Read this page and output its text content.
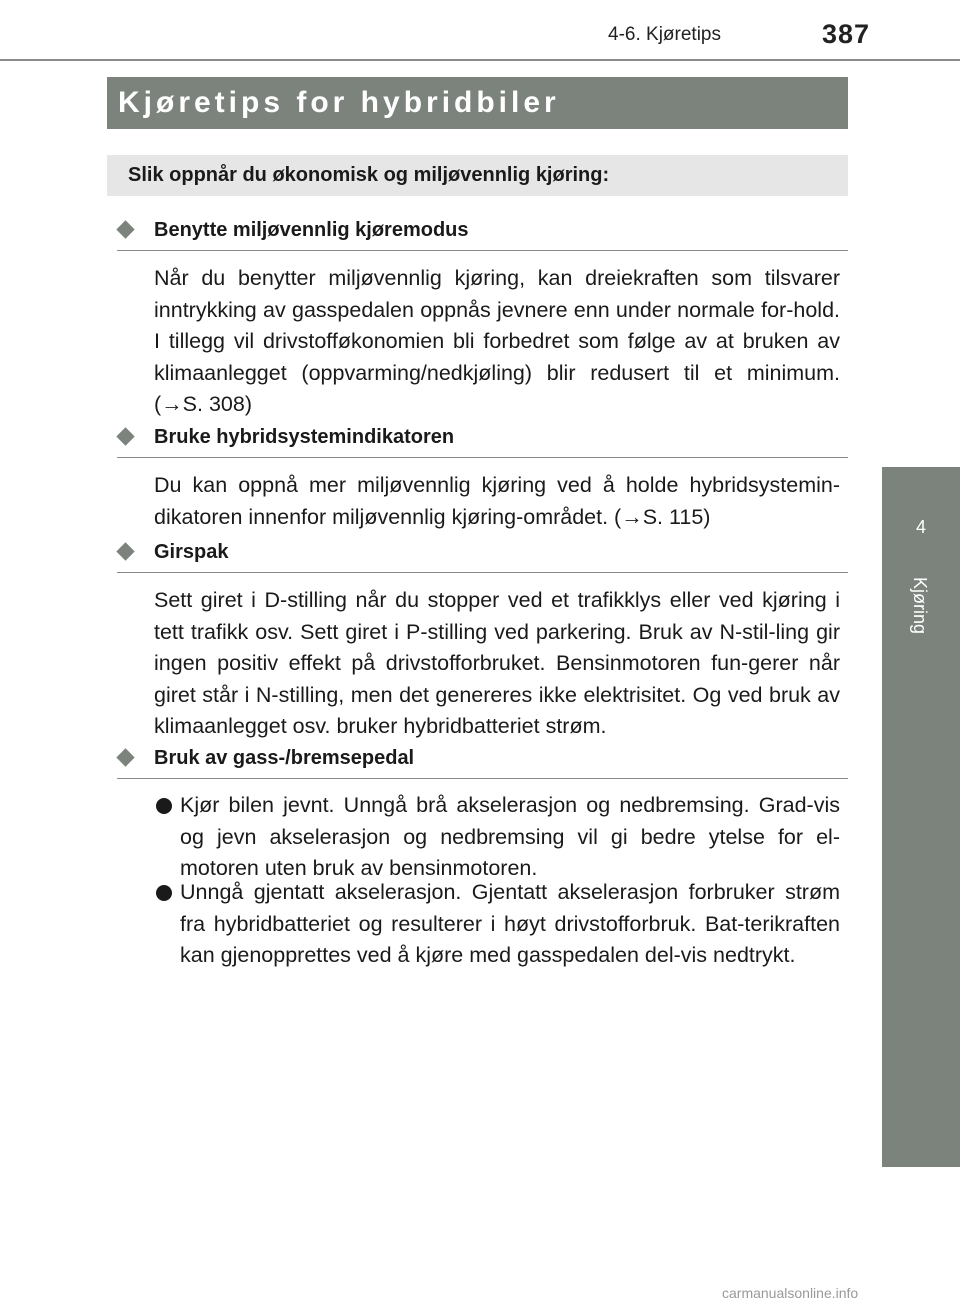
4-6. Kjøretips	387
Kjøretips for hybridbiler
Slik oppnår du økonomisk og miljøvennlig kjøring:
4
Kjøring
Benytte miljøvennlig kjøremodus

Når du benytter miljøvennlig kjøring, kan dreiekraften som tilsvarer inntrykking av gasspedalen oppnås jevnere enn under normale for-hold. I tillegg vil drivstofføkonomien bli forbedret som følge av at bruken av klimaanlegget (oppvarming/nedkjøling) blir redusert til et minimum. (→S. 308)

Bruke hybridsystemindikatoren

Du kan oppnå mer miljøvennlig kjøring ved å holde hybridsystemin-dikatoren innenfor miljøvennlig kjøring-området. (→S. 115)

Girspak

Sett giret i D-stilling når du stopper ved et trafikklys eller ved kjøring i tett trafikk osv. Sett giret i P-stilling ved parkering. Bruk av N-stil-ling gir ingen positiv effekt på drivstofforbruket. Bensinmotoren fun-gerer når giret står i N-stilling, men det genereres ikke elektrisitet. Og ved bruk av klimaanlegget osv. bruker hybridbatteriet strøm.

Bruk av gass-/bremsepedal

Kjør bilen jevnt. Unngå brå akselerasjon og nedbremsing. Grad-vis og jevn akselerasjon og nedbremsing vil gi bedre ytelse for el-motoren uten bruk av bensinmotoren.

Unngå gjentatt akselerasjon. Gjentatt akselerasjon forbruker strøm fra hybridbatteriet og resulterer i høyt drivstofforbruk. Bat-terikraften kan gjenopprettes ved å kjøre med gasspedalen del-vis nedtrykt.

carmanualsonline.info
